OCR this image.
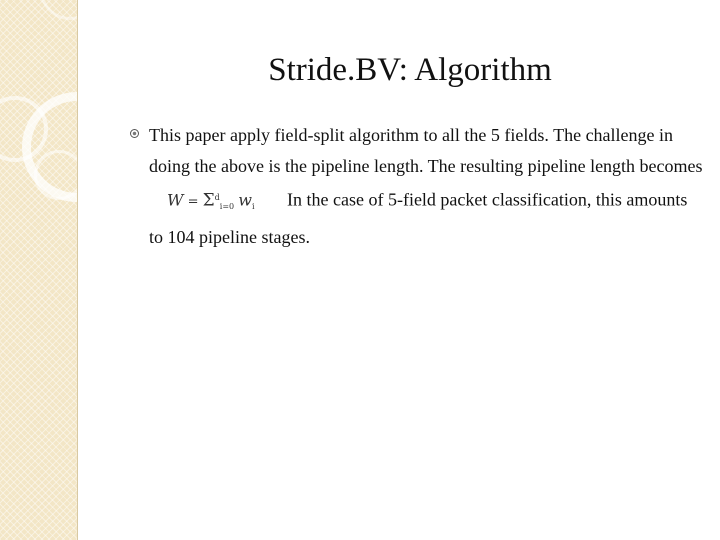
Stride.BV: Algorithm
This paper apply field-split algorithm to all the 5 fields. The challenge in doing the above is the pipeline length. The resulting pipeline length becomesW = $\Sigma^d_{i=0}$ $w_i$ In the case of 5-field packet classification, this amounts to 104 pipeline stages.
